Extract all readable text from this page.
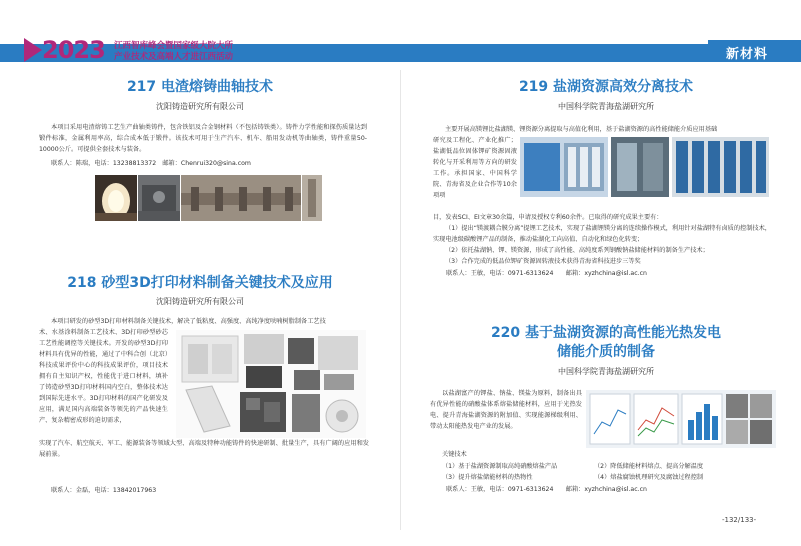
2023 江西智库峰会暨国家级大院大所
产业技术及高端人才进江西活动	新材料
217 电渣熔铸曲轴技术
沈阳铸造研究所有限公司
本项目采用电渣熔铸工艺生产曲轴类铸件，包含铁铝及合金钢材料（不包括铸铁类）。铸件力学性能和探伤质量达到锻件标准，金属利用率高，综合成本低于锻件。该技术可用于生产汽车、机车、船用发动机等曲轴类，铸件重量50-10000公斤。可提供全套技术与装备。
联系人：陈瑞，电话：13238813372　邮箱：Chenrui320@sina.com
218 砂型3D打印材料制备关键技术及应用
沈阳铸造研究所有限公司
本项目研发的砂型3D打印材料制备关键技术，解决了低粘度、高强度、高纯净度呋喃树脂制备工艺技
术、水基涂料制备工艺技术、3D打印砂型砂芯工艺性能调控等关键技术。开发的砂型3D打印材料具有优异的性能，通过了中科合创（北京）科技成果评价中心的科技成果评价，项目技术拥有自主知识产权，性能优于进口材料，填补了铸造砂型3D打印材料国内空白，整体技术达到国际先进水平。3D打印材料的国产化研发及应用，满足国内高端装备等领先的产品快速生产、复杂精密成形的迫切需求，
实现了汽车、航空航天、军工、能源装备等领域大型、高端及特种功能铸件的快速研制、批量生产，具有广阔的应用和发展前景。
联系人：金磊，电话：13842017963
219 盐湖资源高效分离技术
中国科学院青海盐湖研究所
主要开展高镁锂比盐湖镁、锂资源分离提取与高值化利用，基于盐湖资源的高性能储能介质应用基础
研究及工程化、产业化推广；盐湖低品位固体钾矿资源固液转化与开采利用等方向的研发工作。承担国家、中国科学院、青海省及企业合作等10余项项
目，发表SCI、EI文章30余篇，申请及授权专利60余件。已取得的研究成果主要有：
（1）提出“镁渡耦合膜分离”提锂工艺技术，实现了盐湖锂镁分离的连续操作模式，利用针对盐湖特有卤质的控制技术，实现电池级碳酸锂产品的制备，推动盐湖化工向高值、自动化和绿色化转变；
（2）依托盐湖钠、钾、镁资源，形成了高性能、高纯度系列钢酸钠盐储能材料的制备生产技术；
（3）合作完成的低品位钾矿资源固转液技术获得青海省科技进步三等奖
联系人：王敏，电话：0971-6313624　　邮箱：xyzhchina@isl.ac.cn
220 基于盐湖资源的高性能光热发电
储能介质的制备
中国科学院青海盐湖研究所
以盐湖富产的钾盐、钠盐、镁盐为原料，制备出具有优异性能的硝酸盐体系熔盐储能材料，应用于光热发电、提升青海盐湖资源的附加值、实现能源梯级利用、带动太阳能热发电产业的发展。
关键技术
（1）基于盐湖资源制取高纯硝酸熔盐产品	（2）降低储能材料熔点、提高分解温度
（3）提升熔盐储能材料的热物性	（4）熔盐腐蚀机理研究及腐蚀过程控制
联系人：王敏，电话：0971-6313624　　邮箱：xyzhchina@isl.ac.cn
-132/133-
